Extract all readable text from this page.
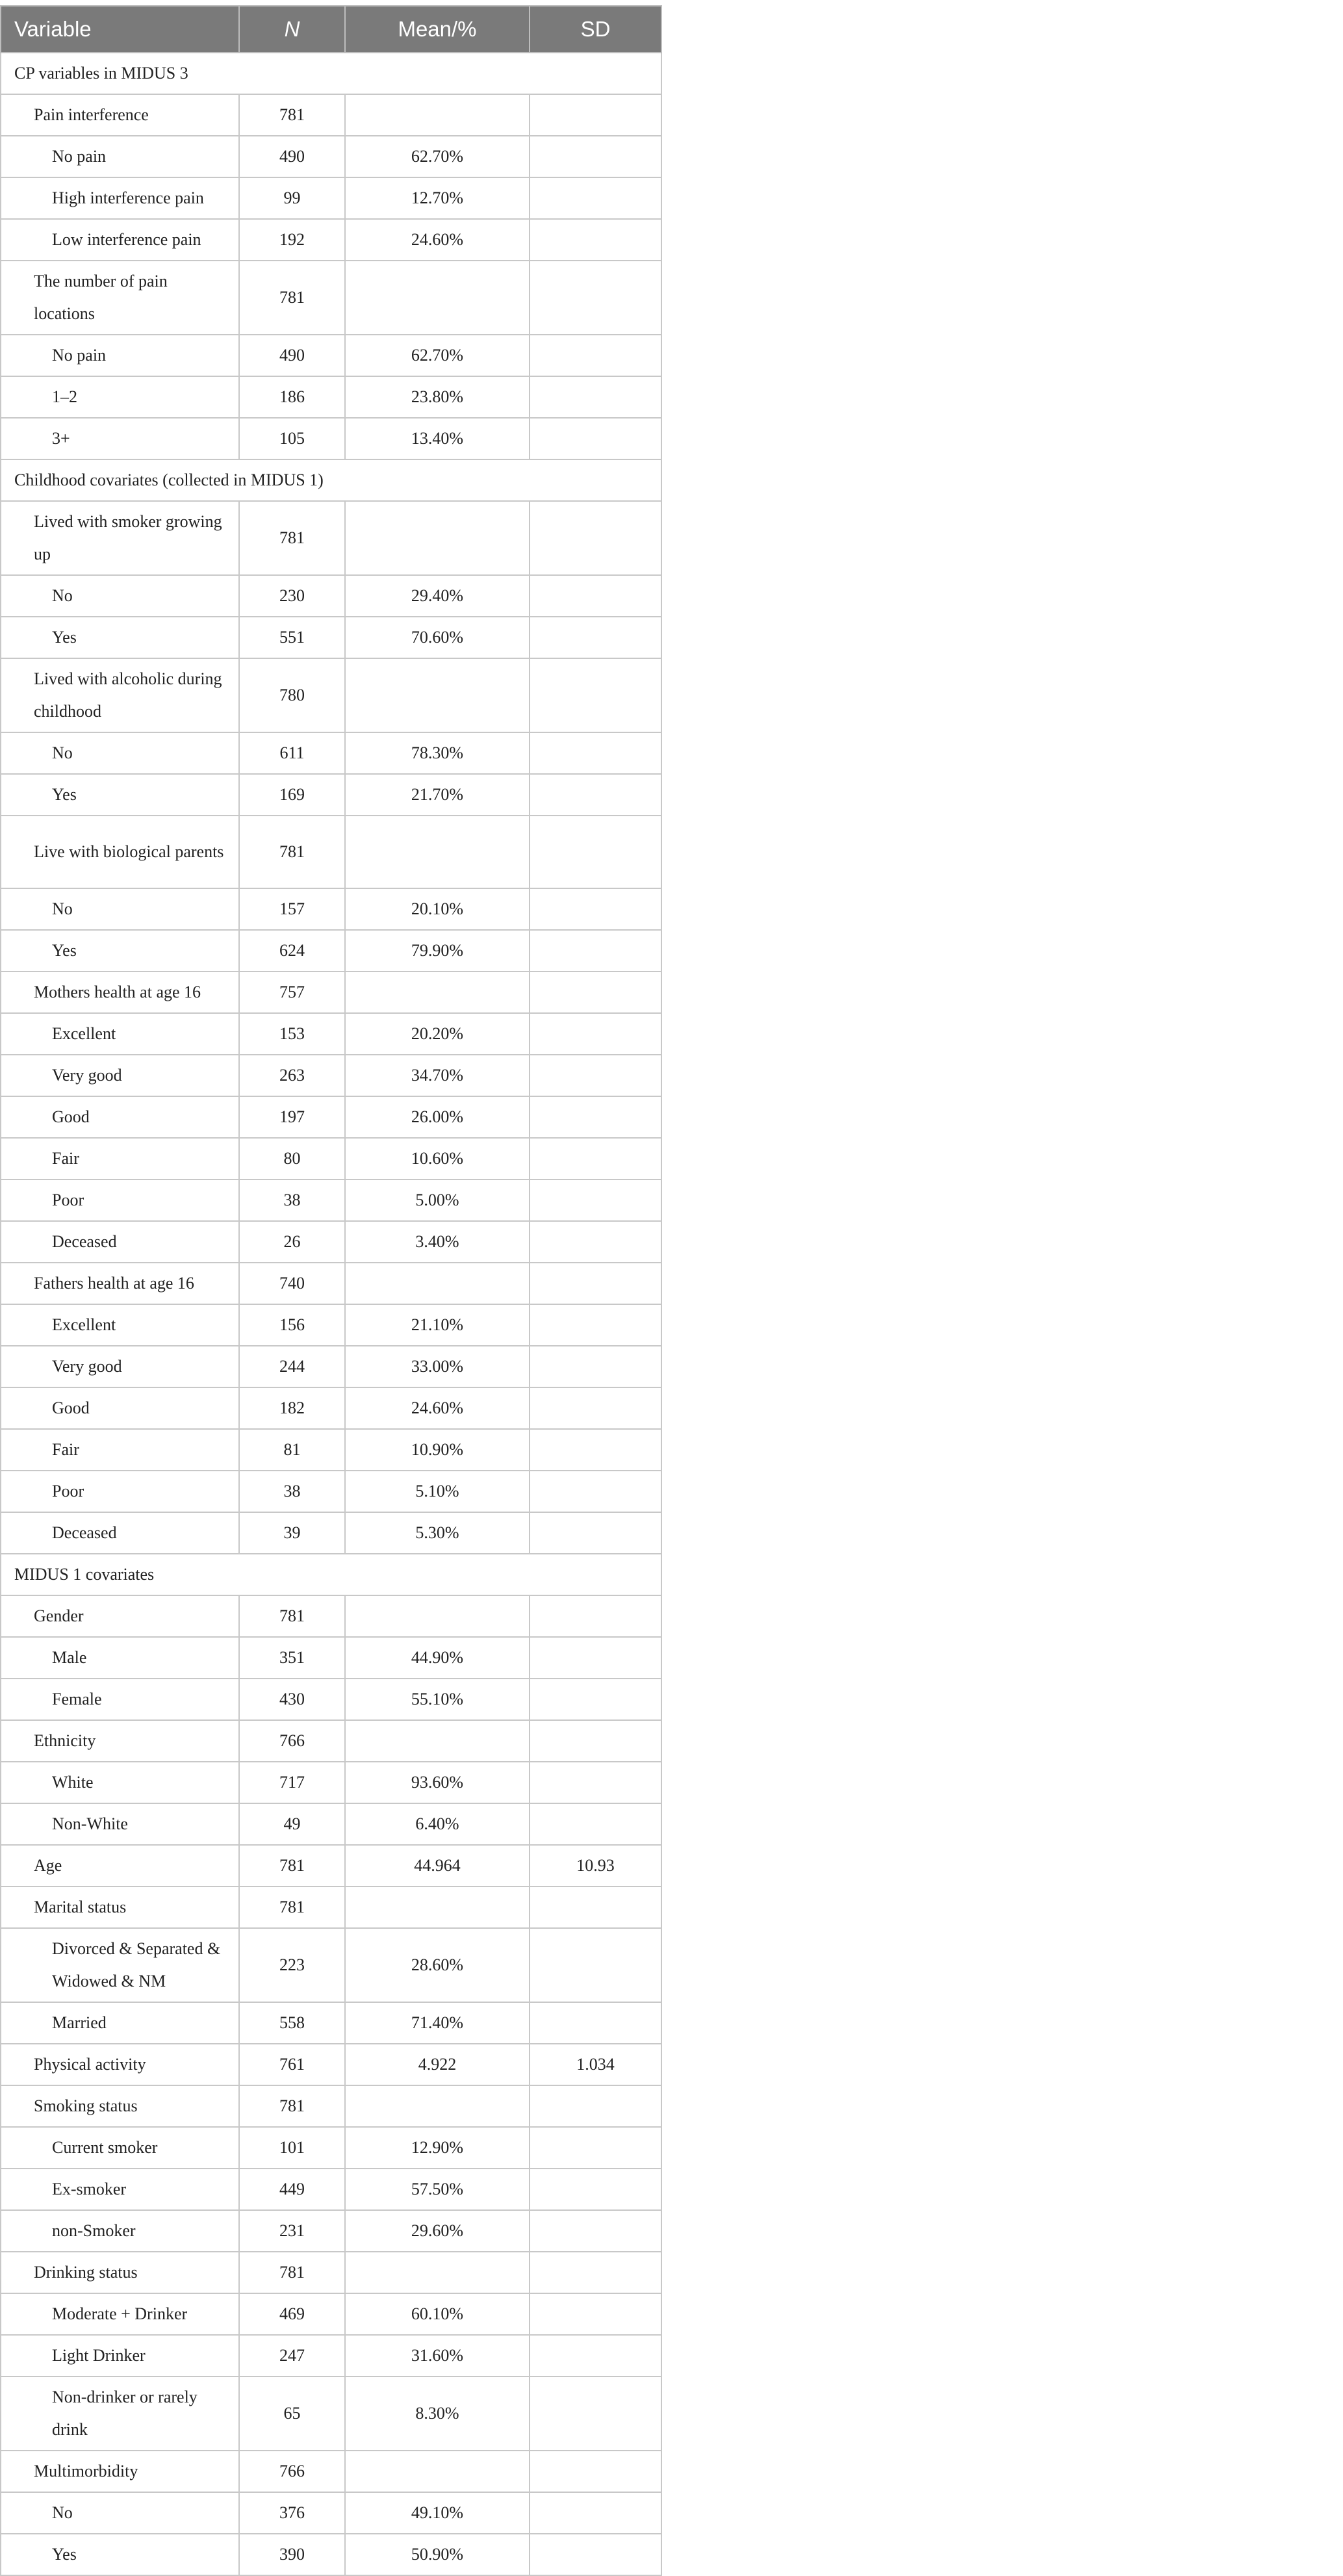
Variable	N	Mean/%	SD
CP variables in MIDUS 3			
Pain interference	781		
No pain	490	62.70%	
High interference pain	99	12.70%	
Low interference pain	192	24.60%	
The number of pain locations	781		
No pain	490	62.70%	
1–2	186	23.80%	
3+	105	13.40%	
Childhood covariates (collected in MIDUS 1)			
Lived with smoker growing up	781		
No	230	29.40%	
Yes	551	70.60%	
Lived with alcoholic during childhood	780		
No	611	78.30%	
Yes	169	21.70%	
Live with biological parents	781		
No	157	20.10%	
Yes	624	79.90%	
Mothers health at age 16	757		
Excellent	153	20.20%	
Very good	263	34.70%	
Good	197	26.00%	
Fair	80	10.60%	
Poor	38	5.00%	
Deceased	26	3.40%	
Fathers health at age 16	740		
Excellent	156	21.10%	
Very good	244	33.00%	
Good	182	24.60%	
Fair	81	10.90%	
Poor	38	5.10%	
Deceased	39	5.30%	
MIDUS 1 covariates			
Gender	781		
Male	351	44.90%	
Female	430	55.10%	
Ethnicity	766		
White	717	93.60%	
Non-White	49	6.40%	
Age	781	44.964	10.93
Marital status	781		
Divorced & Separated & Widowed & NM	223	28.60%	
Married	558	71.40%	
Physical activity	761	4.922	1.034
Smoking status	781		
Current smoker	101	12.90%	
Ex-smoker	449	57.50%	
non-Smoker	231	29.60%	
Drinking status	781		
Moderate + Drinker	469	60.10%	
Light Drinker	247	31.60%	
Non-drinker or rarely drink	65	8.30%	
Multimorbidity	766		
No	376	49.10%	
Yes	390	50.90%	
